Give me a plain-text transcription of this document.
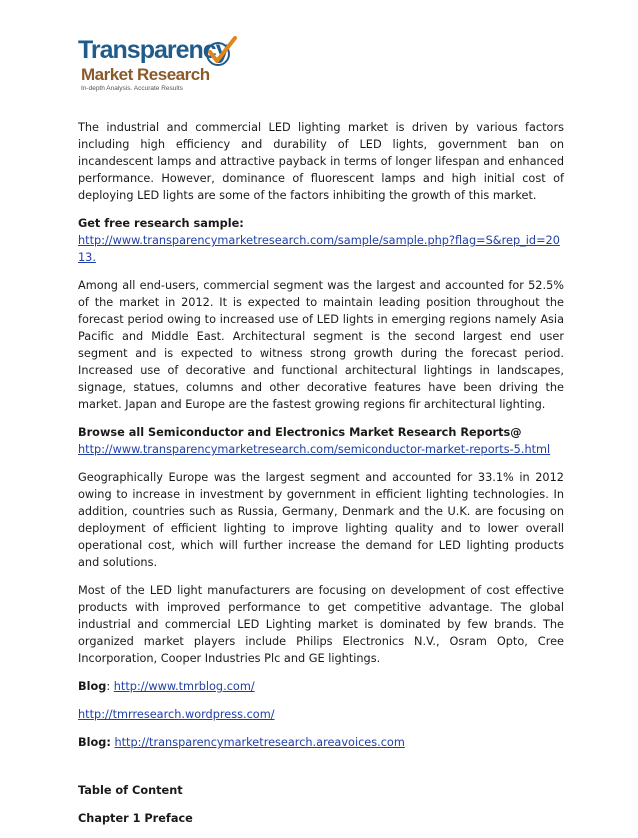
Transparency
Market Research
In-depth Analysis. Accurate Results

The industrial and commercial LED lighting market is driven by various factors including high efficiency and durability of LED lights, government ban on incandescent lamps and attractive payback in terms of longer lifespan and enhanced performance. However, dominance of fluorescent lamps and high initial cost of deploying LED lights are some of the factors inhibiting the growth of this market.

Get free research sample:
http://www.transparencymarketresearch.com/sample/sample.php?flag=S&rep_id=2013.

Among all end-users, commercial segment was the largest and accounted for 52.5% of the market in 2012. It is expected to maintain leading position throughout the forecast period owing to increased use of LED lights in emerging regions namely Asia Pacific and Middle East. Architectural segment is the second largest end user segment and is expected to witness strong growth during the forecast period. Increased use of decorative and functional architectural lightings in landscapes, signage, statues, columns and other decorative features have been driving the market. Japan and Europe are the fastest growing regions fir architectural lighting.

Browse all Semiconductor and Electronics Market Research Reports@
http://www.transparencymarketresearch.com/semiconductor-market-reports-5.html

Geographically Europe was the largest segment and accounted for 33.1% in 2012 owing to increase in investment by government in efficient lighting technologies. In addition, countries such as Russia, Germany, Denmark and the U.K. are focusing on deployment of efficient lighting to improve lighting quality and to lower overall operational cost, which will further increase the demand for LED lighting products and solutions.

Most of the LED light manufacturers are focusing on development of cost effective products with improved performance to get competitive advantage. The global industrial and commercial LED Lighting market is dominated by few brands. The organized market players include Philips Electronics N.V., Osram Opto, Cree Incorporation, Cooper Industries Plc and GE lightings.

Blog: http://www.tmrblog.com/

http://tmrresearch.wordpress.com/

Blog: http://transparencymarketresearch.areavoices.com

Table of Content

Chapter 1 Preface
